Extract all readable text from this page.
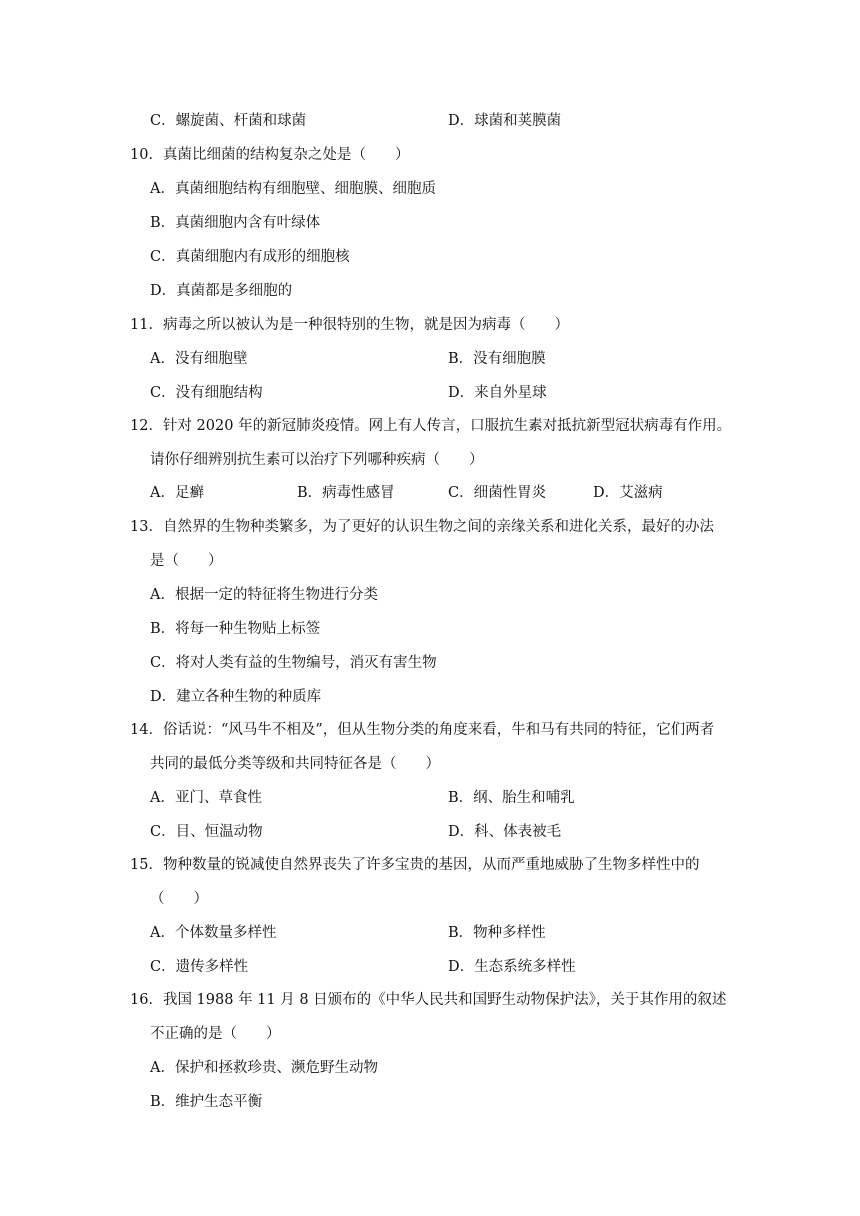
C．螺旋菌、杆菌和球菌	D．球菌和荚膜菌
10．真菌比细菌的结构复杂之处是（　　）
A．真菌细胞结构有细胞壁、细胞膜、细胞质
B．真菌细胞内含有叶绿体
C．真菌细胞内有成形的细胞核
D．真菌都是多细胞的
11．病毒之所以被认为是一种很特别的生物，就是因为病毒（　　）
A．没有细胞壁	B．没有细胞膜
C．没有细胞结构	D．来自外星球
12．针对 2020 年的新冠肺炎疫情。网上有人传言，口服抗生素对抵抗新型冠状病毒有作用。
请你仔细辨别抗生素可以治疗下列哪种疾病（　　）
A．足癣	B．病毒性感冒	C．细菌性胃炎	D．艾滋病
13．自然界的生物种类繁多，为了更好的认识生物之间的亲缘关系和进化关系，最好的办法
是（　　）
A．根据一定的特征将生物进行分类
B．将每一种生物贴上标签
C．将对人类有益的生物编号，消灭有害生物
D．建立各种生物的种质库
14．俗话说：“风马牛不相及”，但从生物分类的角度来看，牛和马有共同的特征，它们两者
共同的最低分类等级和共同特征各是（　　）
A．亚门、草食性	B．纲、胎生和哺乳
C．目、恒温动物	D．科、体表被毛
15．物种数量的锐减使自然界丧失了许多宝贵的基因，从而严重地威胁了生物多样性中的
（　　）
A．个体数量多样性	B．物种多样性
C．遗传多样性	D．生态系统多样性
16．我国 1988 年 11 月 8 日颁布的《中华人民共和国野生动物保护法》，关于其作用的叙述
不正确的是（　　）
A．保护和拯救珍贵、濒危野生动物
B．维护生态平衡
